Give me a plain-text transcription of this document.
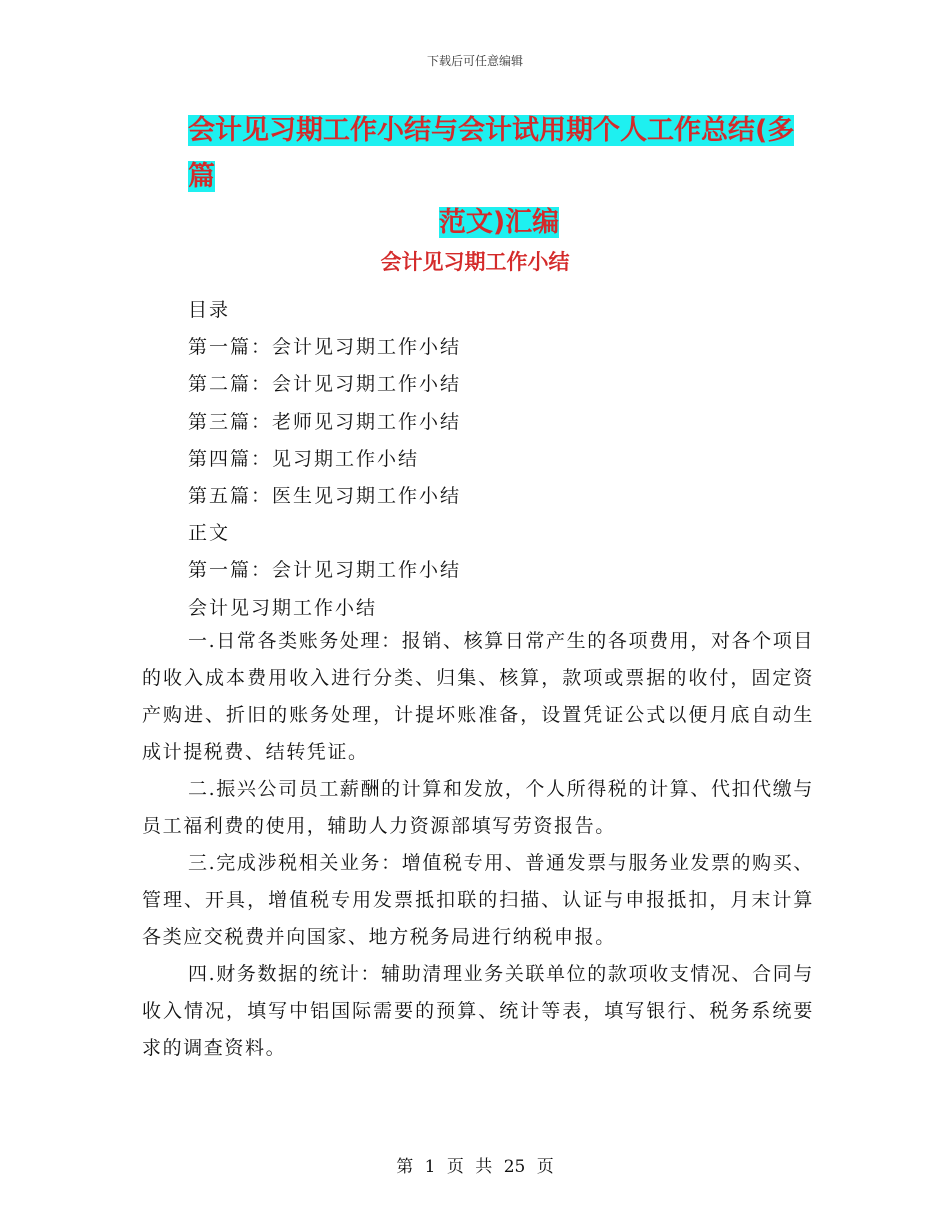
下载后可任意编辑
会计见习期工作小结与会计试用期个人工作总结(多篇
范文)汇编
会计见习期工作小结
目录
第一篇：会计见习期工作小结
第二篇：会计见习期工作小结
第三篇：老师见习期工作小结
第四篇：见习期工作小结
第五篇：医生见习期工作小结
正文
第一篇：会计见习期工作小结
会计见习期工作小结

一.日常各类账务处理：报销、核算日常产生的各项费用，对各个项目的收入成本费用收入进行分类、归集、核算，款项或票据的收付，固定资产购进、折旧的账务处理，计提坏账准备，设置凭证公式以便月底自动生成计提税费、结转凭证。

二.振兴公司员工薪酬的计算和发放，个人所得税的计算、代扣代缴与员工福利费的使用，辅助人力资源部填写劳资报告。

三.完成涉税相关业务：增值税专用、普通发票与服务业发票的购买、管理、开具，增值税专用发票抵扣联的扫描、认证与申报抵扣，月末计算各类应交税费并向国家、地方税务局进行纳税申报。

四.财务数据的统计：辅助清理业务关联单位的款项收支情况、合同与收入情况，填写中铝国际需要的预算、统计等表，填写银行、税务系统要求的调查资料。

第 1 页 共 25 页
